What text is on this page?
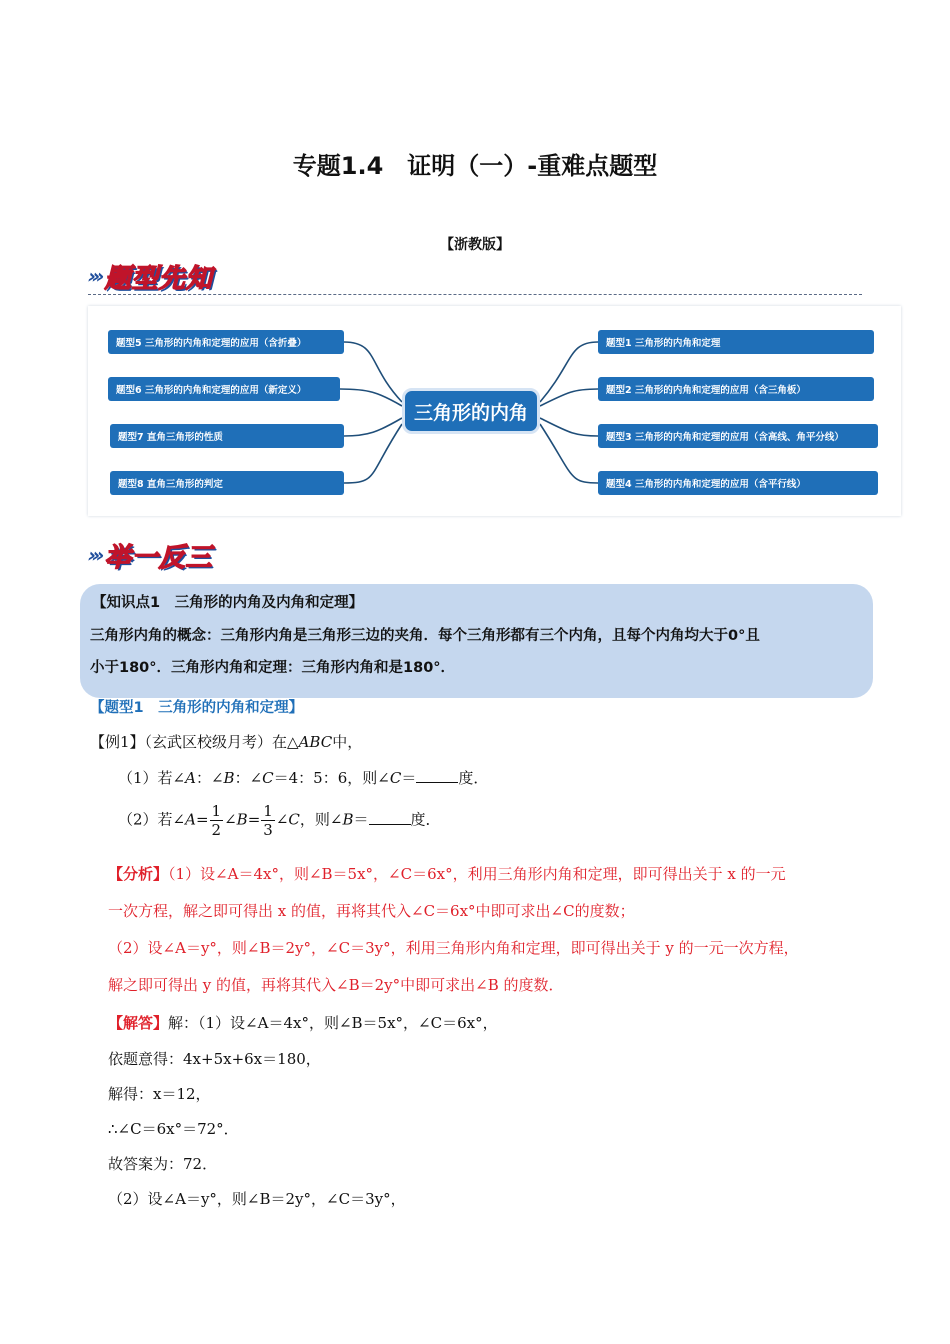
专题1.4　证明（一）-重难点题型
【浙教版】
››› 题型先知
题型5 三角形的内角和定理的应用（含折叠）
题型6 三角形的内角和定理的应用（新定义）
题型7 直角三角形的性质
题型8 直角三角形的判定
三角形的内角
题型1 三角形的内角和定理
题型2 三角形的内角和定理的应用（含三角板）
题型3 三角形的内角和定理的应用（含高线、角平分线）
题型4 三角形的内角和定理的应用（含平行线）
››› 举一反三
【知识点1　三角形的内角及内角和定理】
三角形内角的概念：三角形内角是三角形三边的夹角．每个三角形都有三个内角，且每个内角均大于0°且
小于180°．三角形内角和定理：三角形内角和是180°．
【题型1　三角形的内角和定理】
【例1】（玄武区校级月考）在△ABC中，
（1）若∠A：∠B：∠C＝4：5：6，则∠C＝	度．
（2）若∠A= $\frac{1}{2}$ ∠B= $\frac{1}{3}$ ∠C，则∠B＝	度．
【分析】（1）设∠A＝4x°，则∠B＝5x°，∠C＝6x°，利用三角形内角和定理，即可得出关于 x 的一元
一次方程，解之即可得出 x 的值，再将其代入∠C＝6x°中即可求出∠C的度数；
（2）设∠A＝y°，则∠B＝2y°，∠C＝3y°，利用三角形内角和定理，即可得出关于 y 的一元一次方程，
解之即可得出 y 的值，再将其代入∠B＝2y°中即可求出∠B 的度数．
【解答】解：（1）设∠A＝4x°，则∠B＝5x°，∠C＝6x°，
依题意得：4x+5x+6x＝180，
解得：x＝12，
∴∠C＝6x°＝72°．
故答案为：72．
（2）设∠A＝y°，则∠B＝2y°，∠C＝3y°，
